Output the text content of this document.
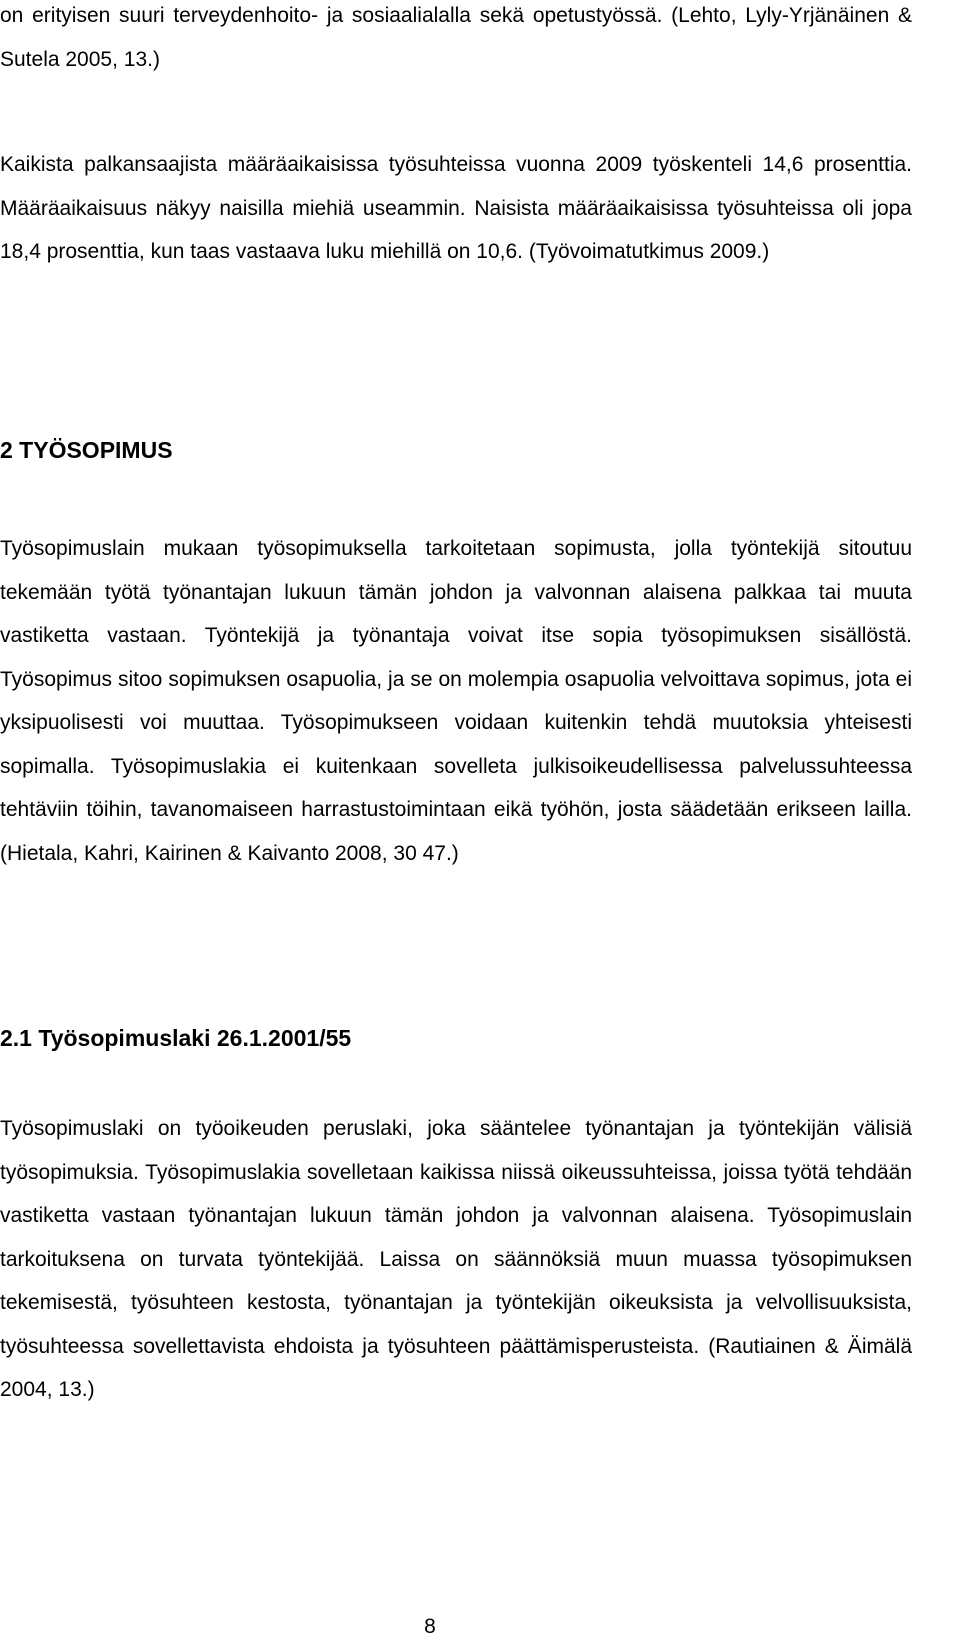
on erityisen suuri terveydenhoito- ja sosiaalialalla sekä opetustyössä. (Lehto, Lyly-Yrjänäinen & Sutela 2005, 13.)

Kaikista palkansaajista määräaikaisissa työsuhteissa vuonna 2009 työskenteli 14,6 prosenttia. Määräaikaisuus näkyy naisilla miehiä useammin. Naisista määräaikaisissa työsuhteissa oli jopa 18,4 prosenttia, kun taas vastaava luku miehillä on 10,6. (Työvoimatutkimus 2009.)

2 TYÖSOPIMUS

Työsopimuslain mukaan työsopimuksella tarkoitetaan sopimusta, jolla työntekijä sitoutuu tekemään työtä työnantajan lukuun tämän johdon ja valvonnan alaisena palkkaa tai muuta vastiketta vastaan. Työntekijä ja työnantaja voivat itse sopia työsopimuksen sisällöstä. Työsopimus sitoo sopimuksen osapuolia, ja se on molempia osapuolia velvoittava sopimus, jota ei yksipuolisesti voi muuttaa. Työsopimukseen voidaan kuitenkin tehdä muutoksia yhteisesti sopimalla. Työsopimuslakia ei kuitenkaan sovelleta julkisoikeudellisessa palvelussuhteessa tehtäviin töihin, tavanomaiseen harrastustoimintaan eikä työhön, josta säädetään erikseen lailla. (Hietala, Kahri, Kairinen & Kaivanto 2008, 30 47.)

2.1 Työsopimuslaki 26.1.2001/55

Työsopimuslaki on työoikeuden peruslaki, joka sääntelee työnantajan ja työntekijän välisiä työsopimuksia. Työsopimuslakia sovelletaan kaikissa niissä oikeussuhteissa, joissa työtä tehdään vastiketta vastaan työnantajan lukuun tämän johdon ja valvonnan alaisena. Työsopimuslain tarkoituksena on turvata työntekijää. Laissa on säännöksiä muun muassa työsopimuksen tekemisestä, työsuhteen kestosta, työnantajan ja työntekijän oikeuksista ja velvollisuuksista, työsuhteessa sovellettavista ehdoista ja työsuhteen päättämisperusteista. (Rautiainen & Äimälä 2004, 13.)

8
